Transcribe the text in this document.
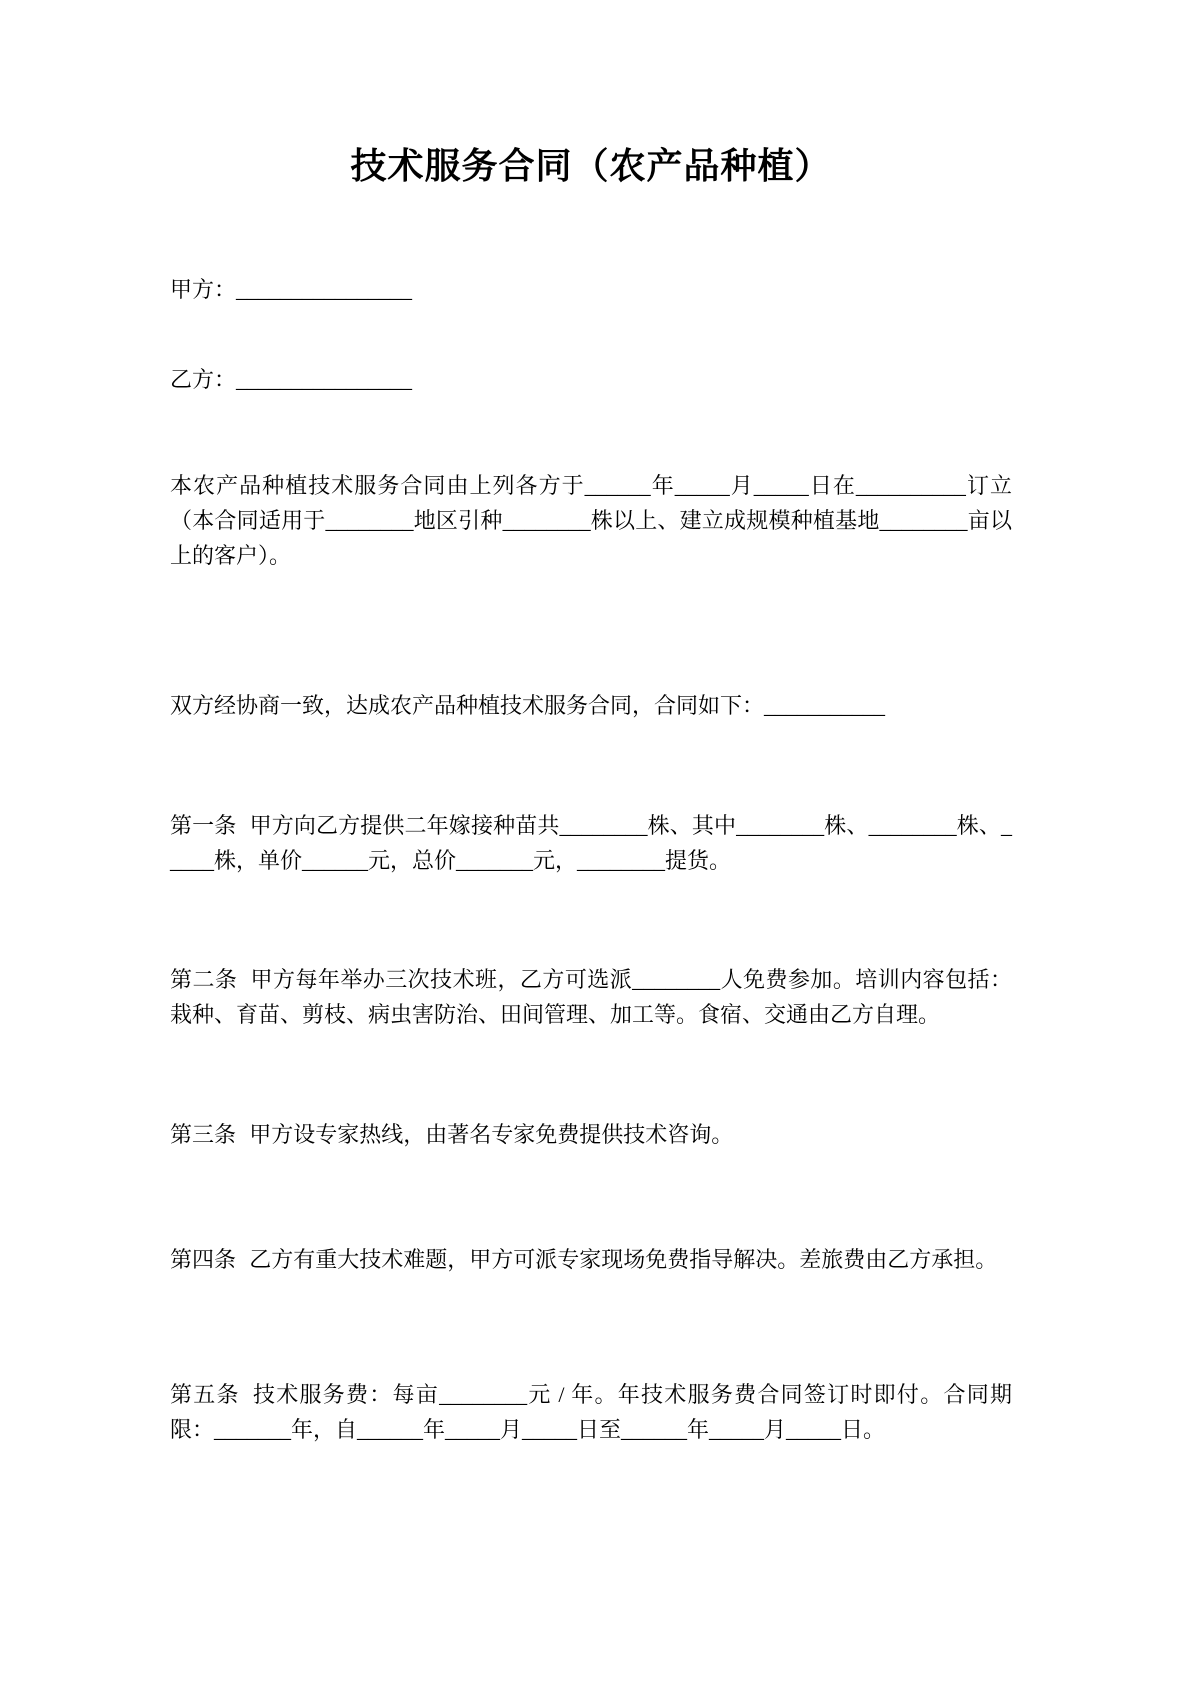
技术服务合同（农产品种植）

甲方：________________

乙方：________________

本农产品种植技术服务合同由上列各方于______年_____月_____日在__________订立（本合同适用于________地区引种________株以上、建立成规模种植基地________亩以上的客户）。

双方经协商一致，达成农产品种植技术服务合同，合同如下：___________

第一条 甲方向乙方提供二年嫁接种苗共________株、其中________株、________株、_____株，单价______元，总价_______元，________提货。

第二条 甲方每年举办三次技术班，乙方可选派________人免费参加。培训内容包括：栽种、育苗、剪枝、病虫害防治、田间管理、加工等。食宿、交通由乙方自理。

第三条 甲方设专家热线，由著名专家免费提供技术咨询。

第四条 乙方有重大技术难题，甲方可派专家现场免费指导解决。差旅费由乙方承担。

第五条 技术服务费：每亩________元 / 年。年技术服务费合同签订时即付。合同期限：_______年，自______年_____月_____日至______年_____月_____日。
